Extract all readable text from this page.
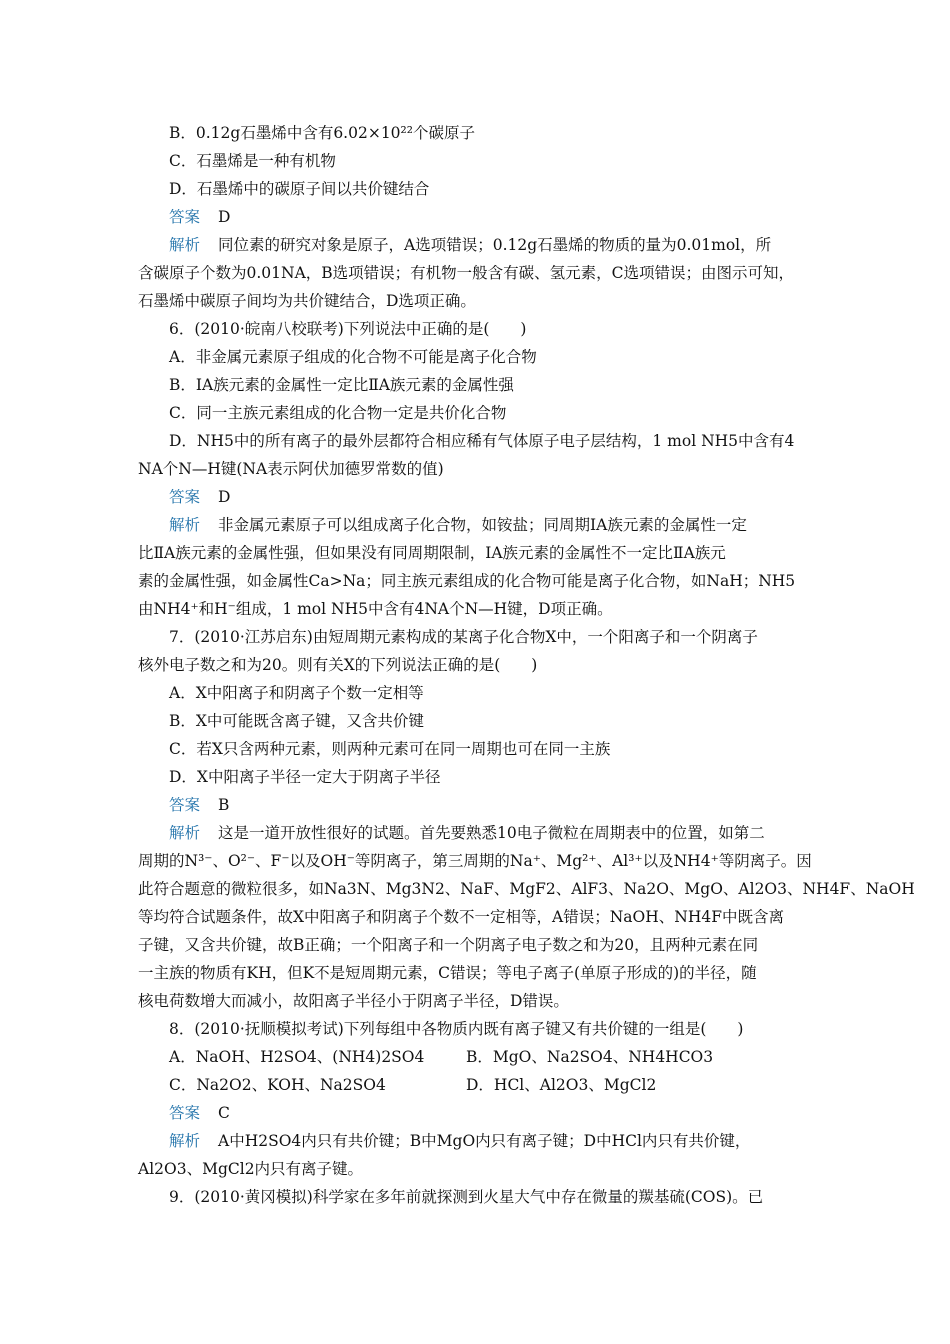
B．0.12g石墨烯中含有6.02×10²²个碳原子
C．石墨烯是一种有机物
D．石墨烯中的碳原子间以共价键结合
答案 D
解析 同位素的研究对象是原子，A选项错误；0.12g石墨烯的物质的量为0.01mol，所
含碳原子个数为0.01NA，B选项错误；有机物一般含有碳、氢元素，C选项错误；由图示可知，
石墨烯中碳原子间均为共价键结合，D选项正确。
6．(2010·皖南八校联考)下列说法中正确的是(　　)
A．非金属元素原子组成的化合物不可能是离子化合物
B．ⅠA族元素的金属性一定比ⅡA族元素的金属性强
C．同一主族元素组成的化合物一定是共价化合物
D．NH5中的所有离子的最外层都符合相应稀有气体原子电子层结构，1 mol NH5中含有4
NA个N—H键(NA表示阿伏加德罗常数的值)
答案 D
解析 非金属元素原子可以组成离子化合物，如铵盐；同周期ⅠA族元素的金属性一定
比ⅡA族元素的金属性强，但如果没有同周期限制，ⅠA族元素的金属性不一定比ⅡA族元
素的金属性强，如金属性Ca>Na；同主族元素组成的化合物可能是离子化合物，如NaH；NH5
由NH4⁺和H⁻组成，1 mol NH5中含有4NA个N—H键，D项正确。
7．(2010·江苏启东)由短周期元素构成的某离子化合物X中，一个阳离子和一个阴离子
核外电子数之和为20。则有关X的下列说法正确的是(　　)
A．X中阳离子和阴离子个数一定相等
B．X中可能既含离子键，又含共价键
C．若X只含两种元素，则两种元素可在同一周期也可在同一主族
D．X中阳离子半径一定大于阴离子半径
答案 B
解析 这是一道开放性很好的试题。首先要熟悉10电子微粒在周期表中的位置，如第二
周期的N³⁻、O²⁻、F⁻以及OH⁻等阴离子，第三周期的Na⁺、Mg²⁺、Al³⁺以及NH4⁺等阴离子。因
此符合题意的微粒很多，如Na3N、Mg3N2、NaF、MgF2、AlF3、Na2O、MgO、Al2O3、NH4F、NaOH
等均符合试题条件，故X中阳离子和阴离子个数不一定相等，A错误；NaOH、NH4F中既含离
子键，又含共价键，故B正确；一个阳离子和一个阴离子电子数之和为20，且两种元素在同
一主族的物质有KH，但K不是短周期元素，C错误；等电子离子(单原子形成的)的半径，随
核电荷数增大而减小，故阳离子半径小于阴离子半径，D错误。
8．(2010·抚顺模拟考试)下列每组中各物质内既有离子键又有共价键的一组是(　　)
A．NaOH、H2SO4、(NH4)2SO4	B．MgO、Na2SO4、NH4HCO3
C．Na2O2、KOH、Na2SO4	D．HCl、Al2O3、MgCl2
答案 C
解析 A中H2SO4内只有共价键；B中MgO内只有离子键；D中HCl内只有共价键，
Al2O3、MgCl2内只有离子键。
9．(2010·黄冈模拟)科学家在多年前就探测到火星大气中存在微量的羰基硫(COS)。已
